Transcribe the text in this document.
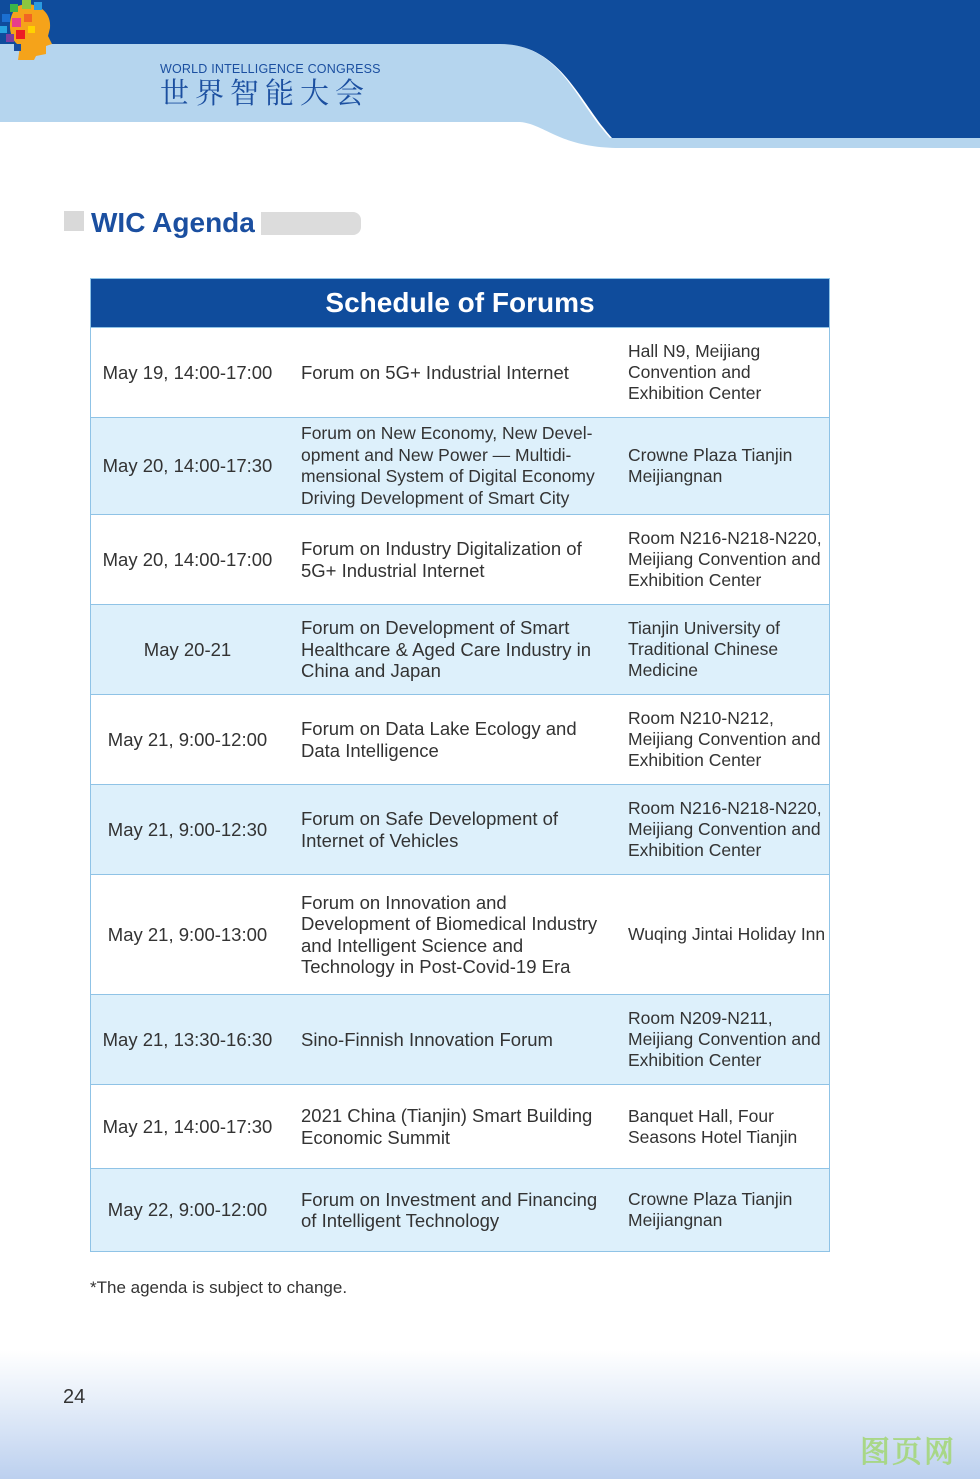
WORLD INTELLIGENCE CONGRESS
世界智能大会
WIC Agenda
Schedule of Forums
May 19, 14:00-17:00	Forum on 5G+ Industrial Internet
Hall N9, Meijiang Convention and Exhibition Center
May 20, 14:00-17:30
Forum on New Economy, New Devel-opment and New Power — Multidi-mensional System of Digital Economy Driving Development of Smart City
Crowne Plaza Tianjin Meijiangnan
May 20, 14:00-17:00
Forum on Industry Digitalization of 5G+ Industrial Internet
Room N216-N218-N220, Meijiang Convention and Exhibition Center
May 20-21
Forum on Development of Smart Healthcare & Aged Care Industry in China and Japan
Tianjin University of Traditional Chinese Medicine
May 21, 9:00-12:00
Forum on Data Lake Ecology and Data Intelligence
Room N210-N212, Meijiang Convention and Exhibition Center
May 21, 9:00-12:30
Forum on Safe Development of Internet of Vehicles
Room N216-N218-N220, Meijiang Convention and Exhibition Center
May 21, 9:00-13:00
Forum on Innovation and Development of Biomedical Industry and Intelligent Science and Technology in Post-Covid-19 Era
Wuqing Jintai Holiday Inn
May 21, 13:30-16:30	Sino-Finnish Innovation Forum
Room N209-N211, Meijiang Convention and Exhibition Center
May 21, 14:00-17:30
2021 China (Tianjin) Smart Building Economic Summit
Banquet Hall, Four Seasons Hotel Tianjin
May 22, 9:00-12:00
Forum on Investment and Financing of Intelligent Technology
Crowne Plaza Tianjin Meijiangnan
*The agenda is subject to change.
24
图页网
